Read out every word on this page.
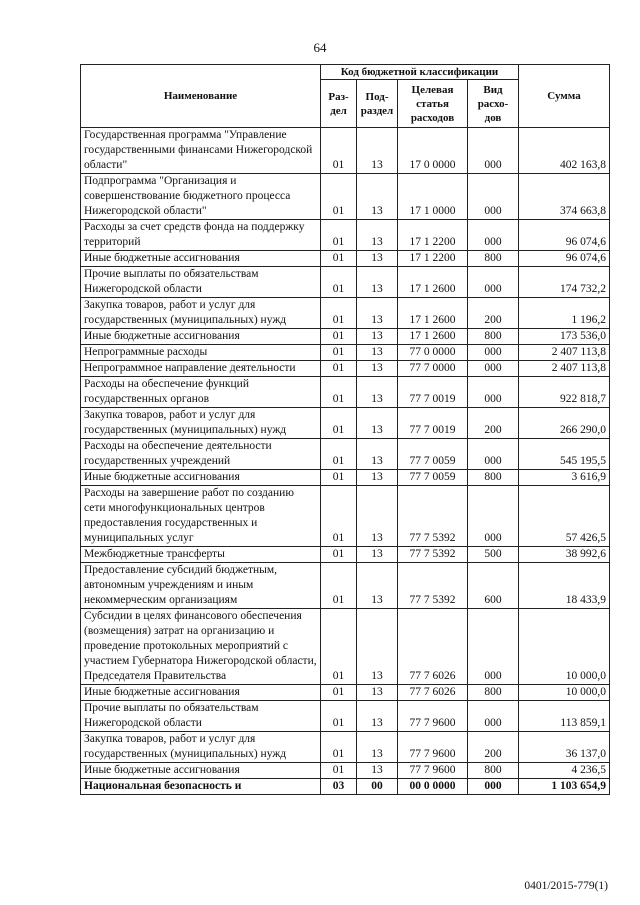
64
Наименование	Код бюджетной классификации				Сумма
	Раз-дел	Под-раздел	Целевая статья расходов	Вид расхо-дов	
Государственная программа "Управление государственными финансами Нижегородской области"	01	13	17 0 0000	000	402 163,8
Подпрограмма "Организация и совершенствование бюджетного процесса Нижегородской области"	01	13	17 1 0000	000	374 663,8
Расходы за счет средств фонда на поддержку территорий	01	13	17 1 2200	000	96 074,6
Иные бюджетные ассигнования	01	13	17 1 2200	800	96 074,6
Прочие выплаты по обязательствам Нижегородской области	01	13	17 1 2600	000	174 732,2
Закупка товаров, работ и услуг для государственных (муниципальных) нужд	01	13	17 1 2600	200	1 196,2
Иные бюджетные ассигнования	01	13	17 1 2600	800	173 536,0
Непрограммные расходы	01	13	77 0 0000	000	2 407 113,8
Непрограммное направление деятельности	01	13	77 7 0000	000	2 407 113,8
Расходы на обеспечение функций государственных органов	01	13	77 7 0019	000	922 818,7
Закупка товаров, работ и услуг для государственных (муниципальных) нужд	01	13	77 7 0019	200	266 290,0
Расходы на обеспечение деятельности государственных учреждений	01	13	77 7 0059	000	545 195,5
Иные бюджетные ассигнования	01	13	77 7 0059	800	3 616,9
Расходы на завершение работ по созданию сети многофункциональных центров предоставления государственных и муниципальных услуг	01	13	77 7 5392	000	57 426,5
Межбюджетные трансферты	01	13	77 7 5392	500	38 992,6
Предоставление субсидий бюджетным, автономным учреждениям и иным некоммерческим организациям	01	13	77 7 5392	600	18 433,9
Субсидии в целях финансового обеспечения (возмещения) затрат на организацию и проведение протокольных мероприятий с участием Губернатора Нижегородской области, Председателя Правительства	01	13	77 7 6026	000	10 000,0
Иные бюджетные ассигнования	01	13	77 7 6026	800	10 000,0
Прочие выплаты по обязательствам Нижегородской области	01	13	77 7 9600	000	113 859,1
Закупка товаров, работ и услуг для государственных (муниципальных) нужд	01	13	77 7 9600	200	36 137,0
Иные бюджетные ассигнования	01	13	77 7 9600	800	4 236,5
Национальная безопасность и	03	00	00 0 0000	000	1 103 654,9
0401/2015-779(1)
